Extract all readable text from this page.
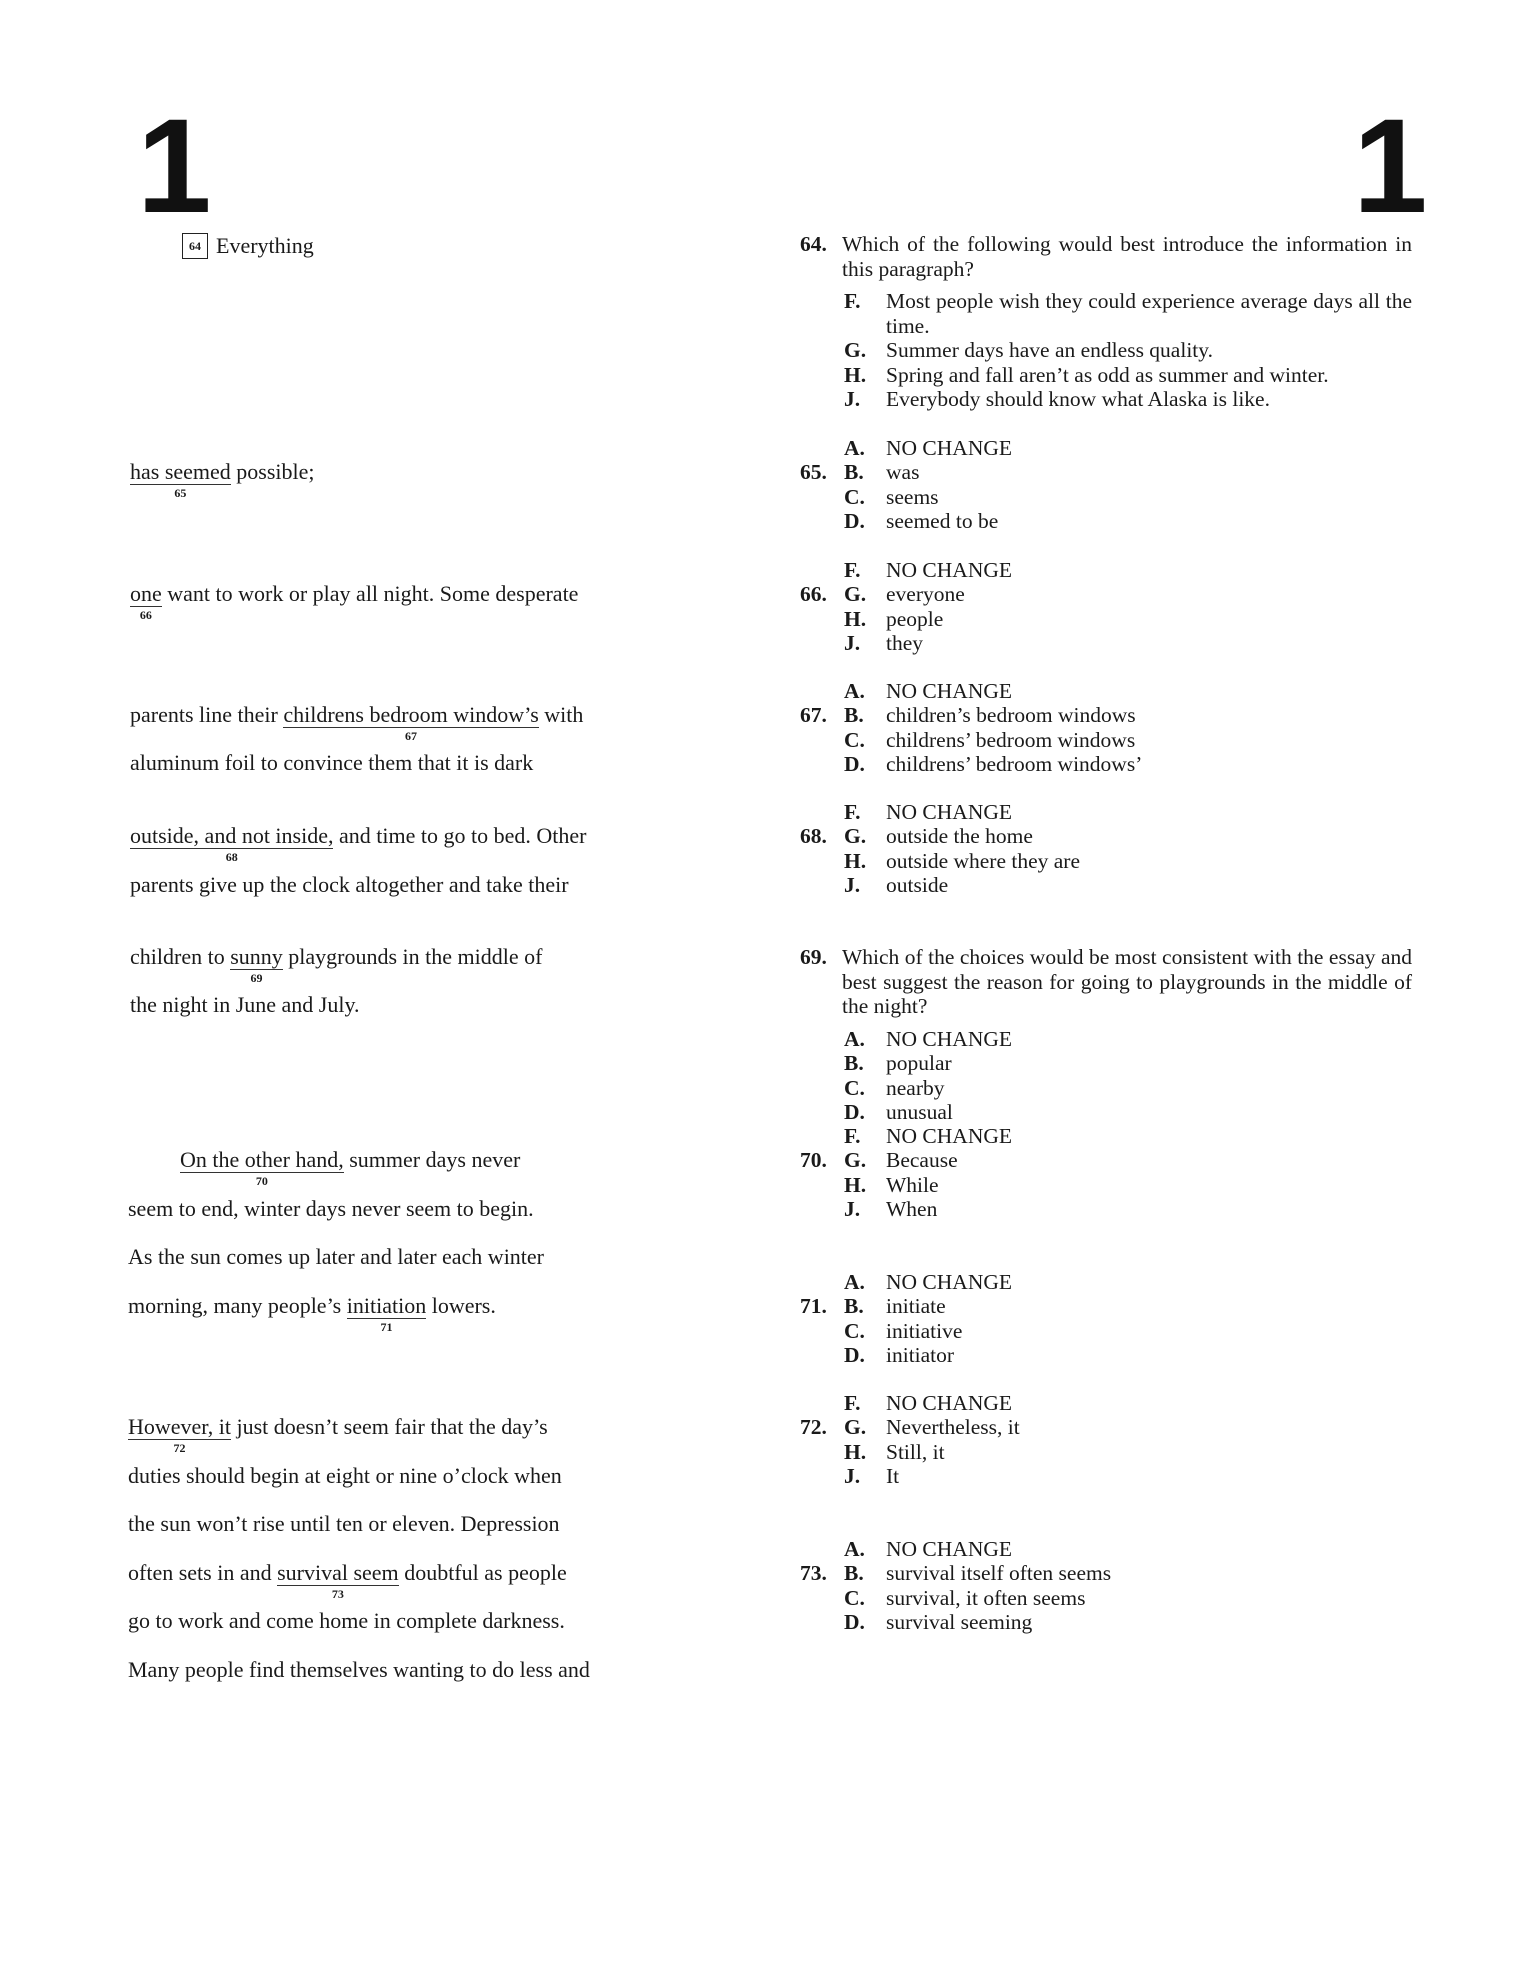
1	1
64 Everything
has seemed
65
possible;
one
66
want to work or play all night. Some desperate
parents line their childrens bedroom window’s
67
with
aluminum foil to convince them that it is dark
outside, and not inside,
68
and time to go to bed. Other
parents give up the clock altogether and take their
children to sunny
69
playgrounds in the middle of
the night in June and July.
On the other hand,
70
summer days never
seem to end, winter days never seem to begin.
As the sun comes up later and later each winter
morning, many people’s initiation
71
lowers.
However, it
72
just doesn’t seem fair that the day’s
duties should begin at eight or nine o’clock when
the sun won’t rise until ten or eleven. Depression
often sets in and survival seem
73
doubtful as people
go to work and come home in complete darkness.
Many people find themselves wanting to do less and
64. Which of the following would best introduce the information in this paragraph?
F. Most people wish they could experience average days all the time.
G. Summer days have an endless quality.
H. Spring and fall aren’t as odd as summer and winter.
J. Everybody should know what Alaska is like.
65.
A. NO CHANGE
B. was
C. seems
D. seemed to be
66.
F. NO CHANGE
G. everyone
H. people
J. they
67.
A. NO CHANGE
B. children’s bedroom windows
C. childrens’ bedroom windows
D. childrens’ bedroom windows’
68.
F. NO CHANGE
G. outside the home
H. outside where they are
J. outside
69. Which of the choices would be most consistent with the essay and best suggest the reason for going to playgrounds in the middle of the night?
A. NO CHANGE
B. popular
C. nearby
D. unusual
70.
F. NO CHANGE
G. Because
H. While
J. When
71.
A. NO CHANGE
B. initiate
C. initiative
D. initiator
72.
F. NO CHANGE
G. Nevertheless, it
H. Still, it
J. It
73.
A. NO CHANGE
B. survival itself often seems
C. survival, it often seems
D. survival seeming
